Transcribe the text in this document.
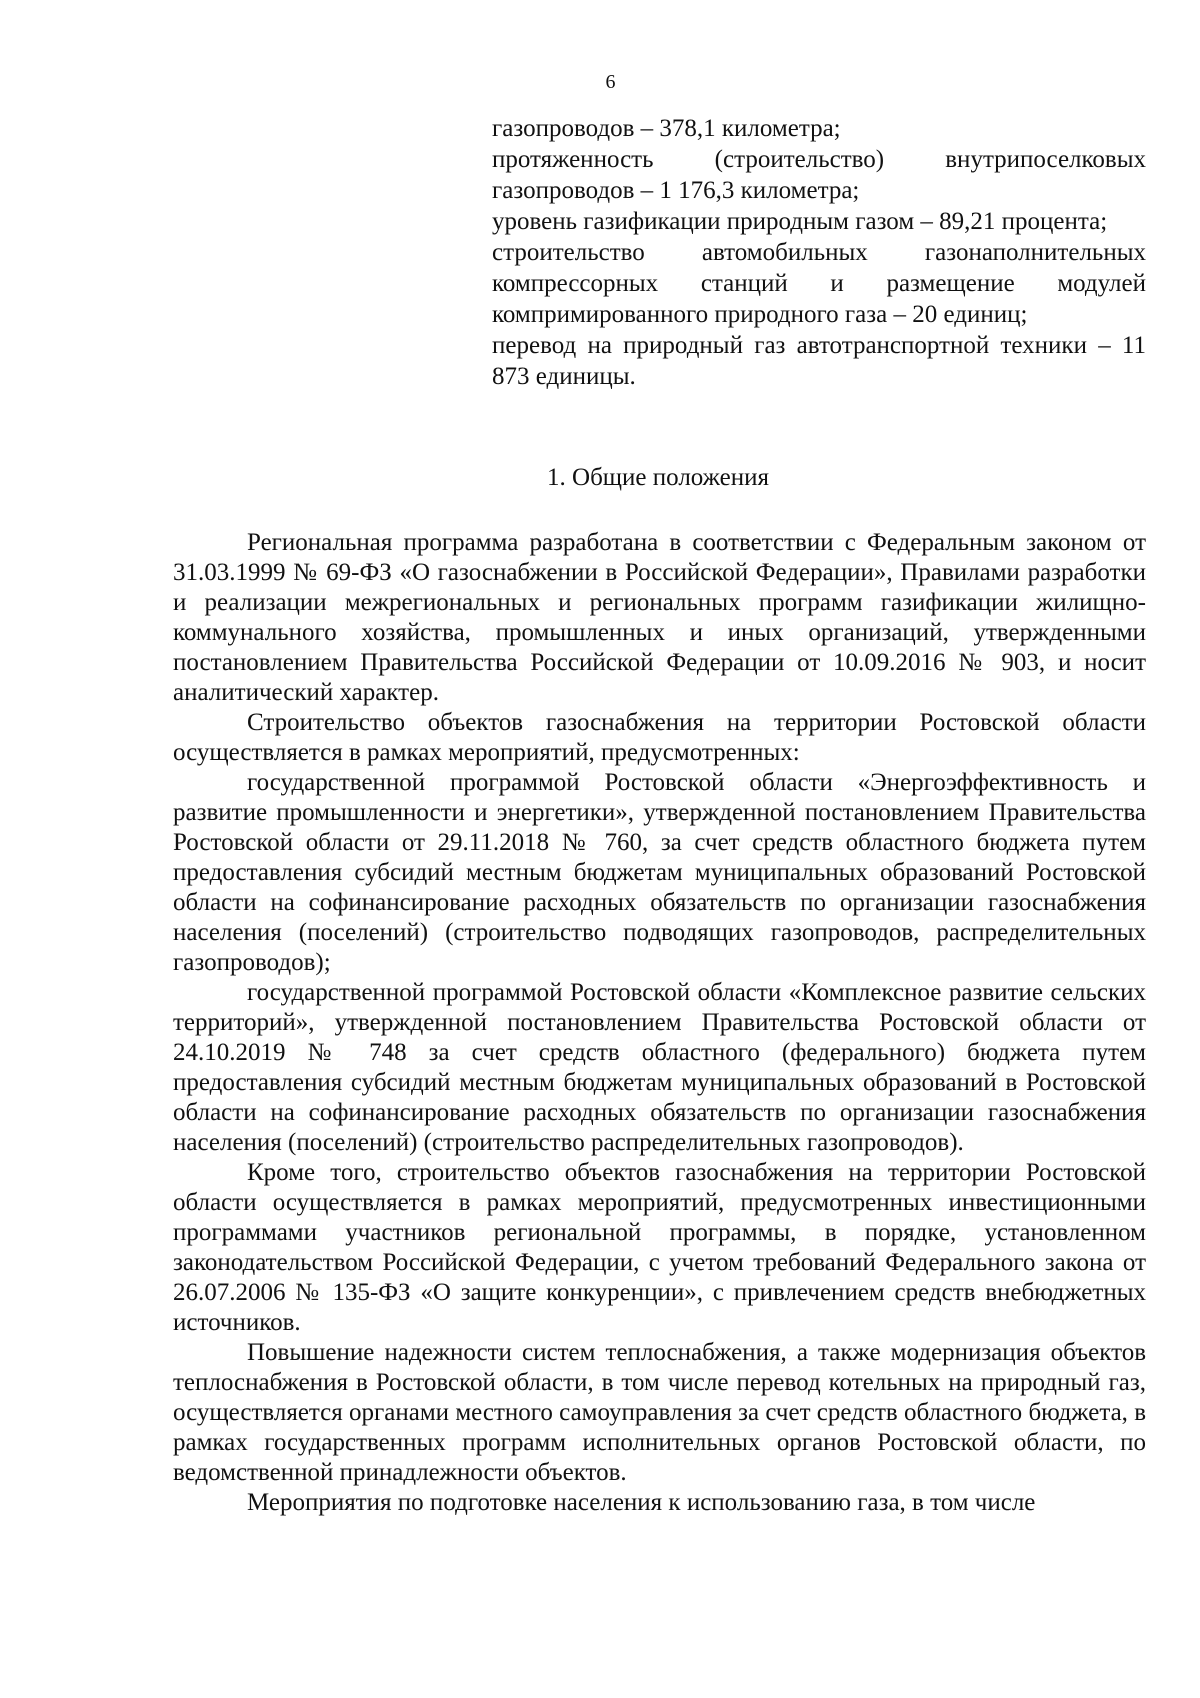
6

газопроводов – 378,1 километра;

протяженность (строительство) внутрипоселковых газопроводов – 1 176,3 километра;

уровень газификации природным газом – 89,21 процента;

строительство автомобильных газонаполнительных компрессорных станций и размещение модулей компримированного природного газа – 20 единиц;

перевод на природный газ автотранспортной техники – 11 873 единицы.

1. Общие положения

Региональная программа разработана в соответствии с Федеральным законом от 31.03.1999 № 69-ФЗ «О газоснабжении в Российской Федерации», Правилами разработки и реализации межрегиональных и региональных программ газификации жилищно-коммунального хозяйства, промышленных и иных организаций, утвержденными постановлением Правительства Российской Федерации от 10.09.2016 № 903, и носит аналитический характер.

Строительство объектов газоснабжения на территории Ростовской области осуществляется в рамках мероприятий, предусмотренных:

государственной программой Ростовской области «Энергоэффективность и развитие промышленности и энергетики», утвержденной постановлением Правительства Ростовской области от 29.11.2018 № 760, за счет средств областного бюджета путем предоставления субсидий местным бюджетам муниципальных образований Ростовской области на софинансирование расходных обязательств по организации газоснабжения населения (поселений) (строительство подводящих газопроводов, распределительных газопроводов);

государственной программой Ростовской области «Комплексное развитие сельских территорий», утвержденной постановлением Правительства Ростовской области от 24.10.2019 № 748 за счет средств областного (федерального) бюджета путем предоставления субсидий местным бюджетам муниципальных образований в Ростовской области на софинансирование расходных обязательств по организации газоснабжения населения (поселений) (строительство распределительных газопроводов).

Кроме того, строительство объектов газоснабжения на территории Ростовской области осуществляется в рамках мероприятий, предусмотренных инвестиционными программами участников региональной программы, в порядке, установленном законодательством Российской Федерации, с учетом требований Федерального закона от 26.07.2006 № 135-ФЗ «О защите конкуренции», с привлечением средств внебюджетных источников.

Повышение надежности систем теплоснабжения, а также модернизация объектов теплоснабжения в Ростовской области, в том числе перевод котельных на природный газ, осуществляется органами местного самоуправления за счет средств областного бюджета, в рамках государственных программ исполнительных органов Ростовской области, по ведомственной принадлежности объектов.

Мероприятия по подготовке населения к использованию газа, в том числе
